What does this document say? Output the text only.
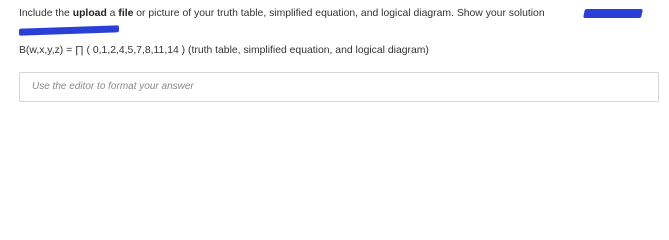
Include the upload a file or picture of your truth table, simplified equation, and logical diagram. Show your solution
B(w,x,y,z) = ∏ ( 0,1,2,4,5,7,8,11,14 ) (truth table, simplified equation, and logical diagram)
Use the editor to format your answer
